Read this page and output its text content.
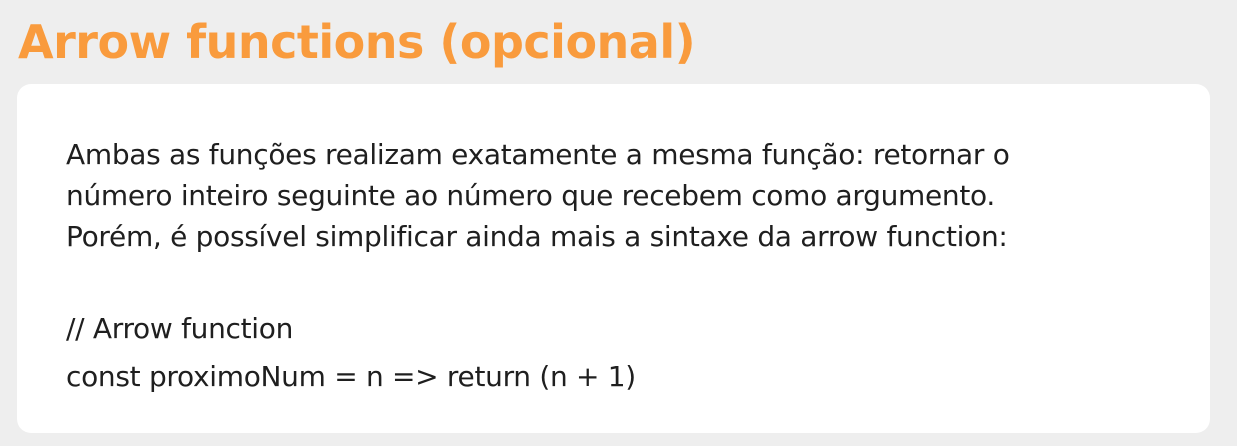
Arrow functions (opcional)

Ambas as funções realizam exatamente a mesma função: retornar o
número inteiro seguinte ao número que recebem como argumento.
Porém, é possível simplificar ainda mais a sintaxe da arrow function:

// Arrow function
const proximoNum = n => return (n + 1)
